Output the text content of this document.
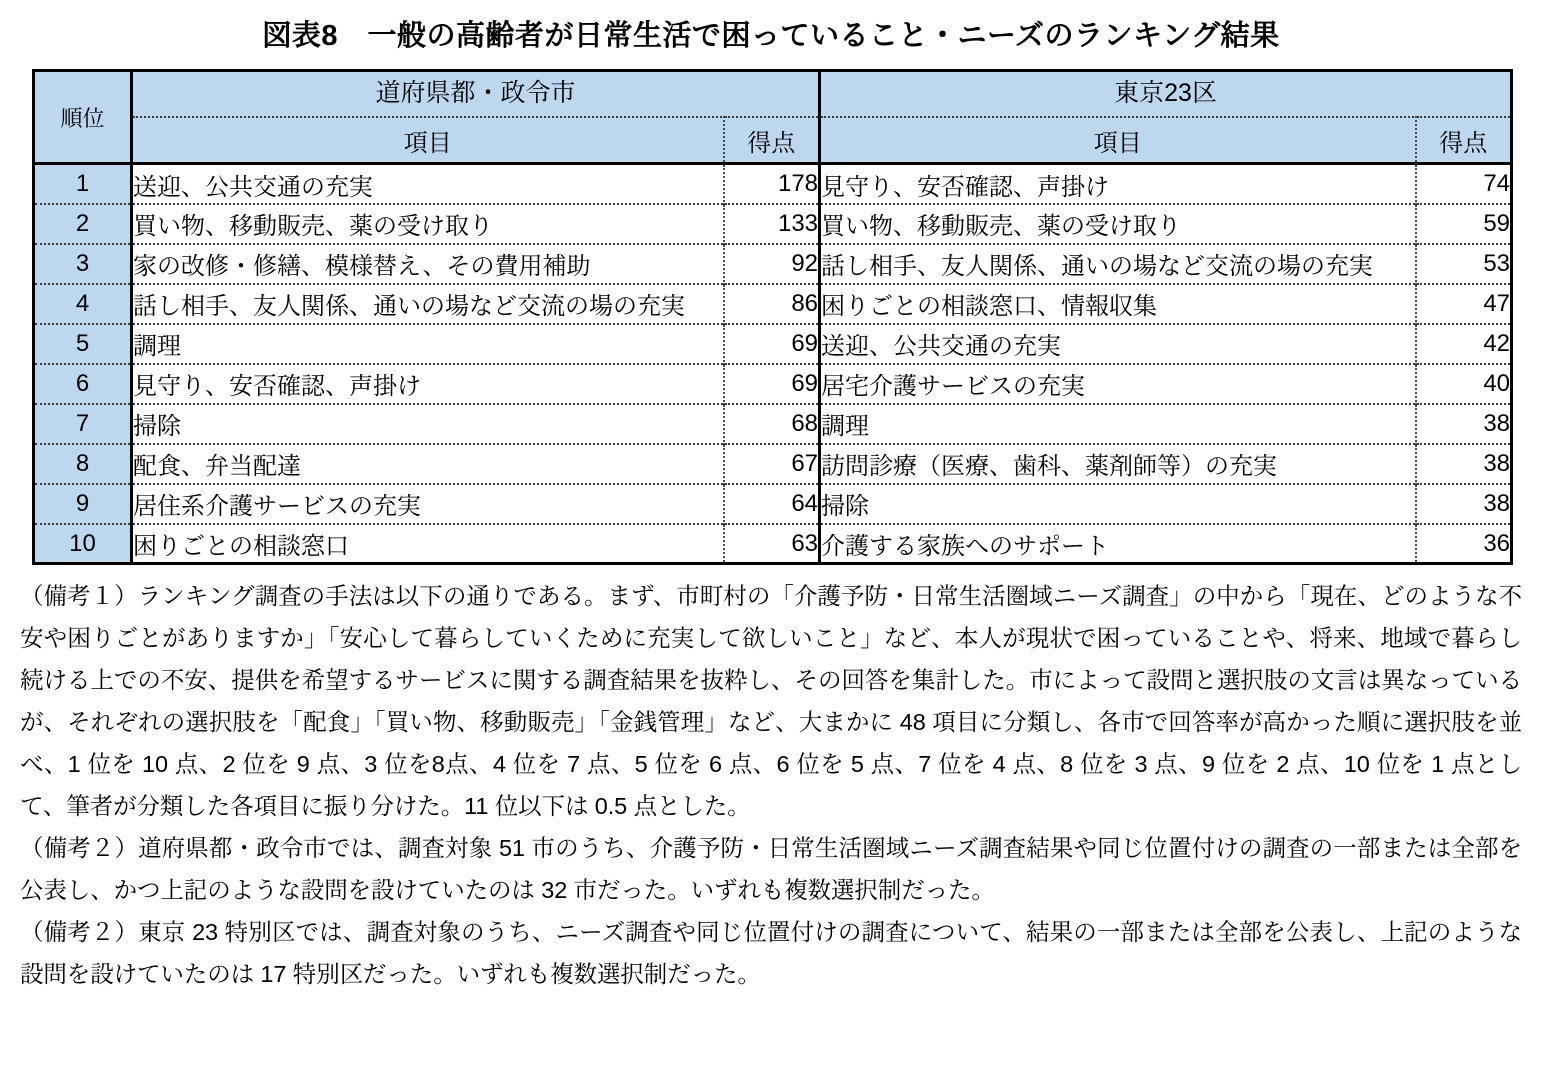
図表8　一般の高齢者が日常生活で困っていること・ニーズのランキング結果
順位	道府県都・政令市		東京23区	
	項目	得点	項目	得点
1	送迎、公共交通の充実	178	見守り、安否確認、声掛け	74
2	買い物、移動販売、薬の受け取り	133	買い物、移動販売、薬の受け取り	59
3	家の改修・修繕、模様替え、その費用補助	92	話し相手、友人関係、通いの場など交流の場の充実	53
4	話し相手、友人関係、通いの場など交流の場の充実	86	困りごとの相談窓口、情報収集	47
5	調理	69	送迎、公共交通の充実	42
6	見守り、安否確認、声掛け	69	居宅介護サービスの充実	40
7	掃除	68	調理	38
8	配食、弁当配達	67	訪問診療（医療、歯科、薬剤師等）の充実	38
9	居住系介護サービスの充実	64	掃除	38
10	困りごとの相談窓口	63	介護する家族へのサポート	36

（備考１）ランキング調査の手法は以下の通りである。まず、市町村の「介護予防・日常生活圏域ニーズ調査」の中から「現在、どのような不安や困りごとがありますか」「安心して暮らしていくために充実して欲しいこと」など、本人が現状で困っていることや、将来、地域で暮らし続ける上での不安、提供を希望するサービスに関する調査結果を抜粋し、その回答を集計した。市によって設問と選択肢の文言は異なっているが、それぞれの選択肢を「配食」「買い物、移動販売」「金銭管理」など、大まかに 48 項目に分類し、各市で回答率が高かった順に選択肢を並べ、1 位を 10 点、2 位を 9 点、3 位を8点、4 位を 7 点、5 位を 6 点、6 位を 5 点、7 位を 4 点、8 位を 3 点、9 位を 2 点、10 位を 1 点として、筆者が分類した各項目に振り分けた。11 位以下は 0.5 点とした。

（備考２）道府県都・政令市では、調査対象 51 市のうち、介護予防・日常生活圏域ニーズ調査結果や同じ位置付けの調査の一部または全部を公表し、かつ上記のような設問を設けていたのは 32 市だった。いずれも複数選択制だった。

（備考２）東京 23 特別区では、調査対象のうち、ニーズ調査や同じ位置付けの調査について、結果の一部または全部を公表し、上記のような設問を設けていたのは 17 特別区だった。いずれも複数選択制だった。
